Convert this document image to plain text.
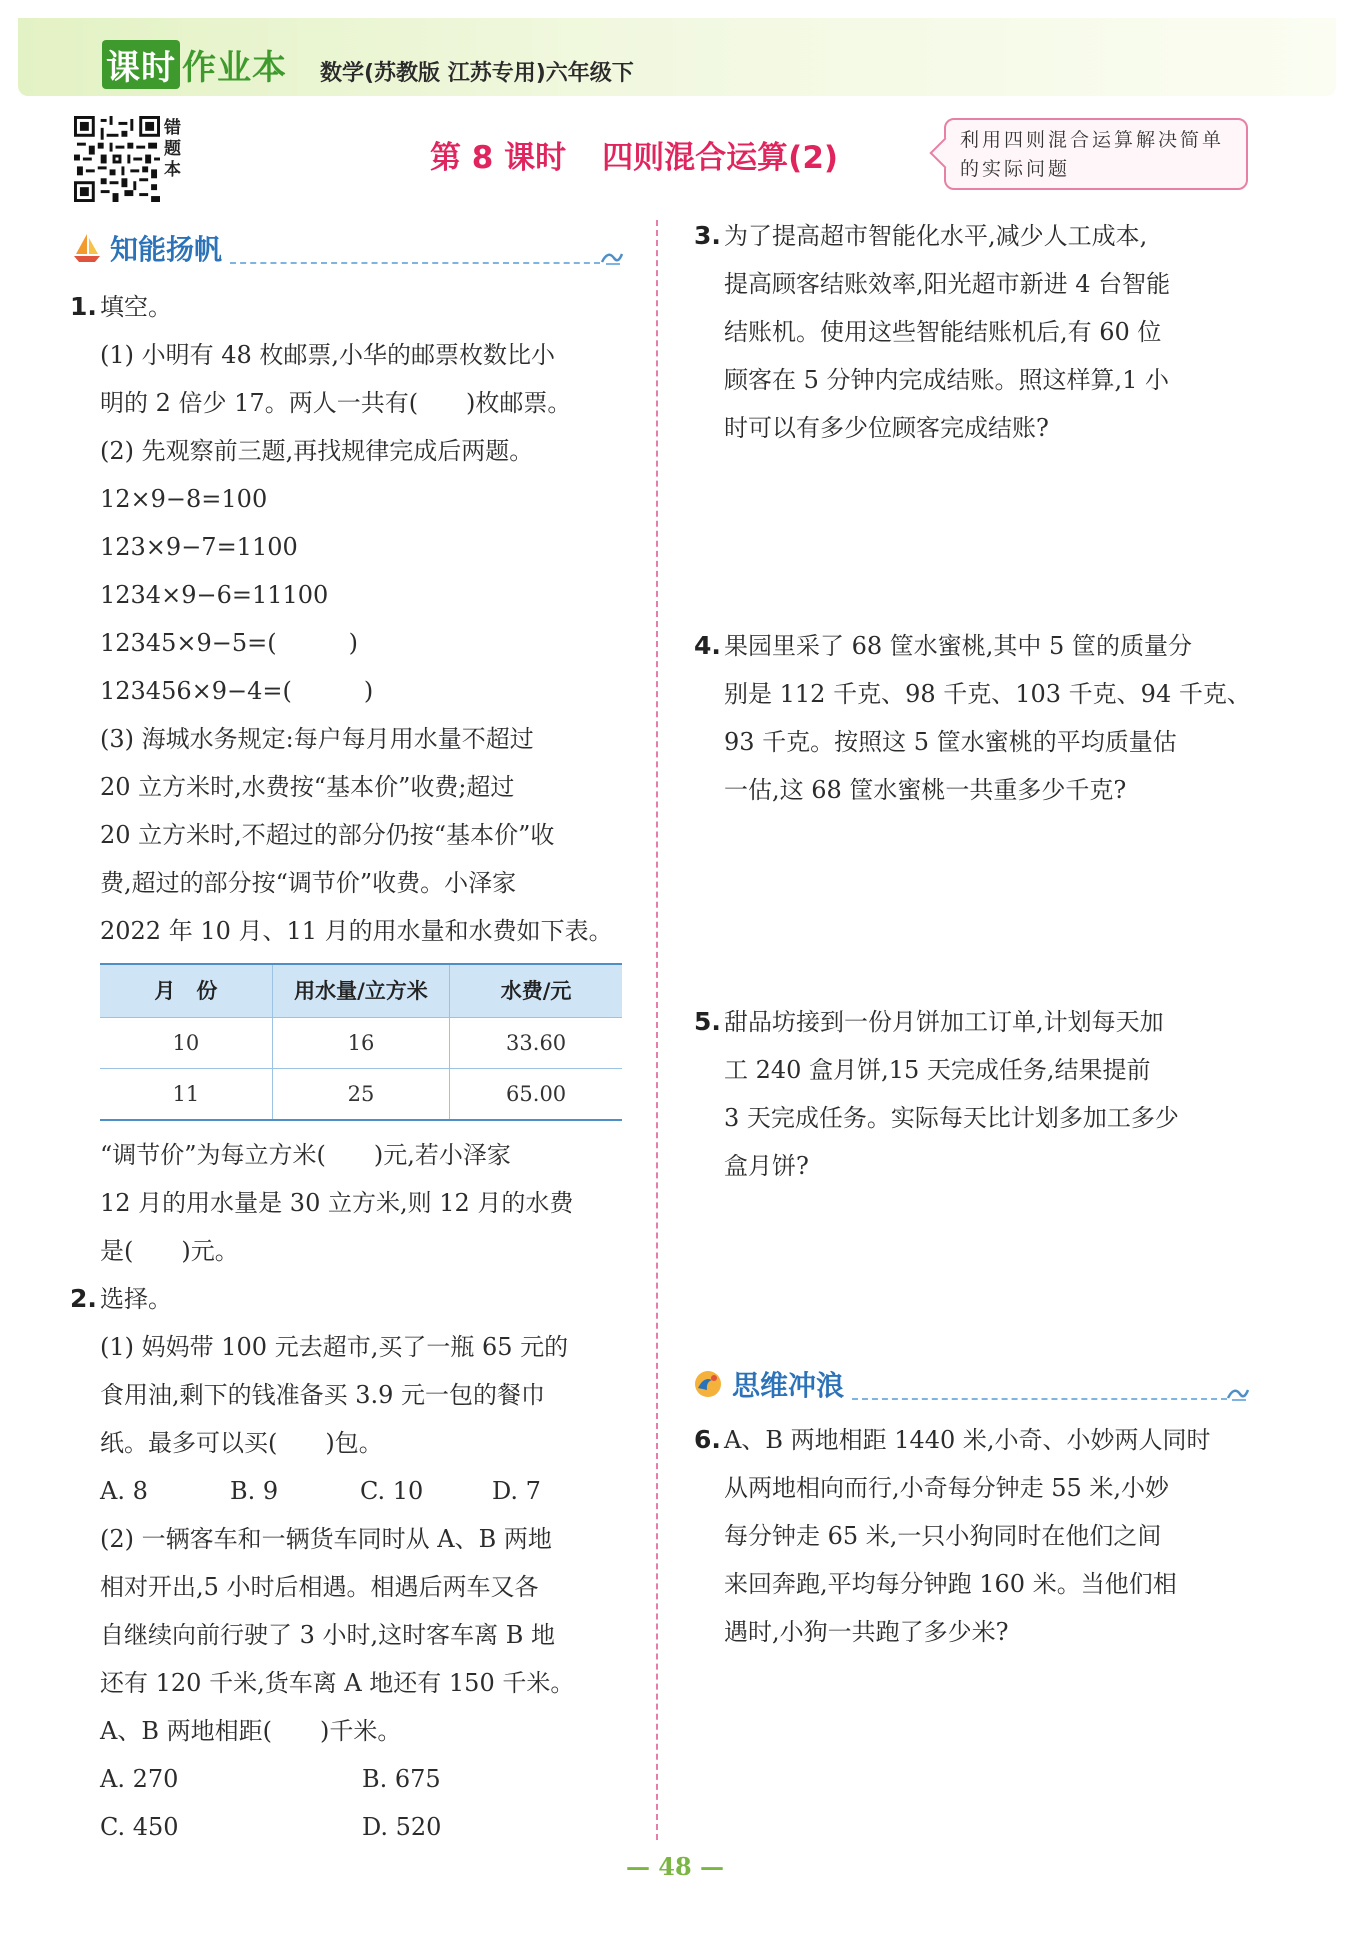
课时 作业本 数学(苏教版 江苏专用)六年级下
错题本	第 8 课时 四则混合运算(2)	利用四则混合运算解决简单的实际问题
知能扬帆
思维冲浪
1. 填空。
(1) 小明有 48 枚邮票,小华的邮票枚数比小
明的 2 倍少 17。两人一共有(　　)枚邮票。
(2) 先观察前三题,再找规律完成后两题。
12×9−8=100
123×9−7=1100
1234×9−6=11100
12345×9−5=(　　　)
123456×9−4=(　　　)
(3) 海城水务规定:每户每月用水量不超过
20 立方米时,水费按“基本价”收费;超过
20 立方米时,不超过的部分仍按“基本价”收
费,超过的部分按“调节价”收费。小泽家
2022 年 10 月、11 月的用水量和水费如下表。
月　份	用水量/立方米	水费/元
10	16	33.60
11	25	65.00
“调节价”为每立方米(　　)元,若小泽家
12 月的用水量是 30 立方米,则 12 月的水费
是(　　)元。
2. 选择。
(1) 妈妈带 100 元去超市,买了一瓶 65 元的
食用油,剩下的钱准备买 3.9 元一包的餐巾
纸。最多可以买(　　)包。
A. 8	B. 9	C. 10	D. 7
(2) 一辆客车和一辆货车同时从 A、B 两地
相对开出,5 小时后相遇。相遇后两车又各
自继续向前行驶了 3 小时,这时客车离 B 地
还有 120 千米,货车离 A 地还有 150 千米。
A、B 两地相距(　　)千米。
A. 270	B. 675
C. 450	D. 520
3. 为了提高超市智能化水平,减少人工成本,
提高顾客结账效率,阳光超市新进 4 台智能
结账机。使用这些智能结账机后,有 60 位
顾客在 5 分钟内完成结账。照这样算,1 小
时可以有多少位顾客完成结账?
4. 果园里采了 68 筐水蜜桃,其中 5 筐的质量分
别是 112 千克、98 千克、103 千克、94 千克、
93 千克。按照这 5 筐水蜜桃的平均质量估
一估,这 68 筐水蜜桃一共重多少千克?
5. 甜品坊接到一份月饼加工订单,计划每天加
工 240 盒月饼,15 天完成任务,结果提前
3 天完成任务。实际每天比计划多加工多少
盒月饼?
6. A、B 两地相距 1440 米,小奇、小妙两人同时
从两地相向而行,小奇每分钟走 55 米,小妙
每分钟走 65 米,一只小狗同时在他们之间
来回奔跑,平均每分钟跑 160 米。当他们相
遇时,小狗一共跑了多少米?
— 48 —
